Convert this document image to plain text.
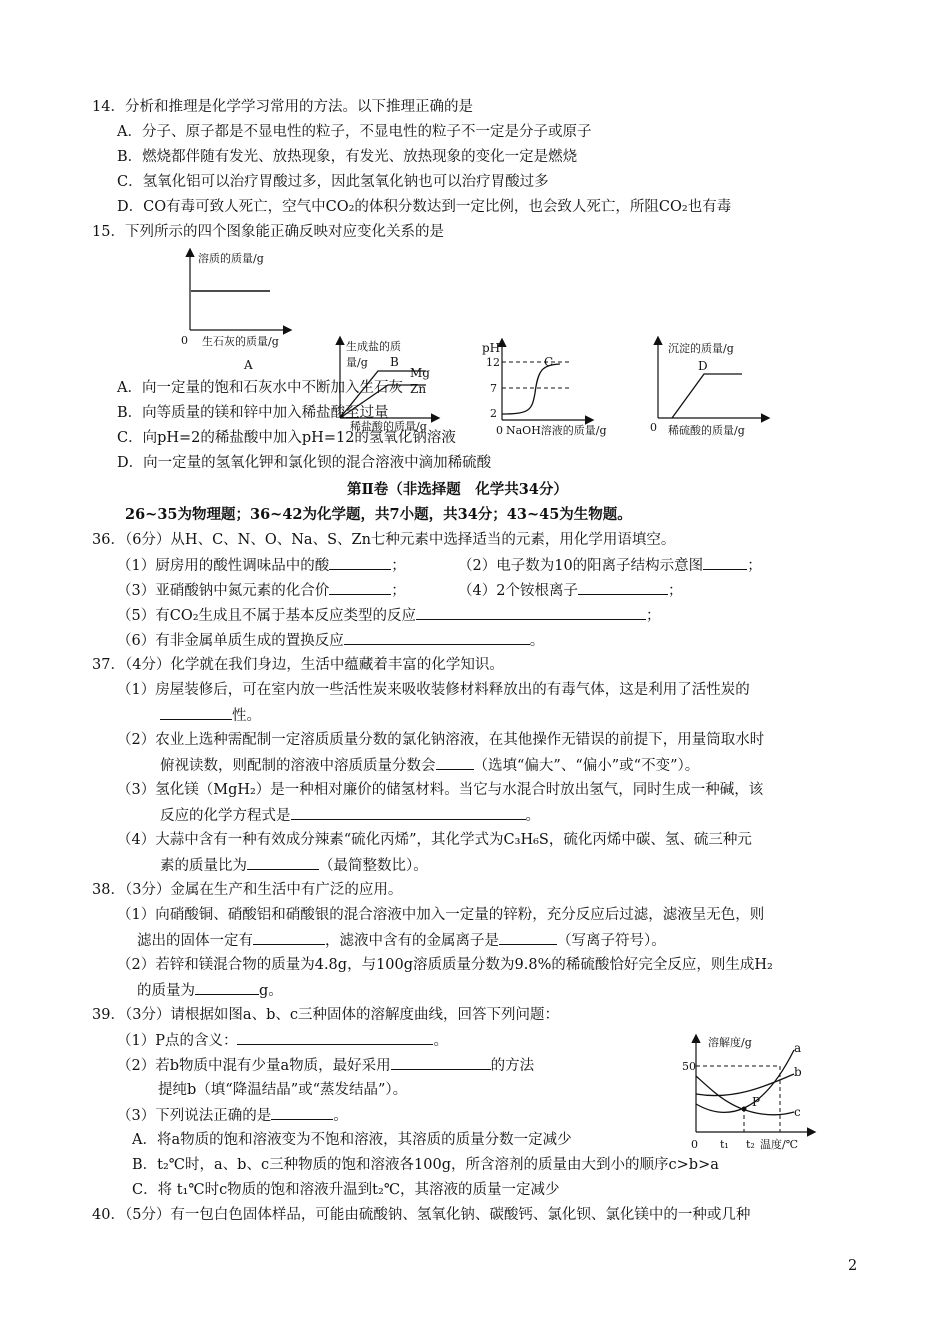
14．分析和推理是化学学习常用的方法。以下推理正确的是
A．分子、原子都是不显电性的粒子，不显电性的粒子不一定是分子或原子
B．燃烧都伴随有发光、放热现象，有发光、放热现象的变化一定是燃烧
C．氢氧化铝可以治疗胃酸过多，因此氢氧化钠也可以治疗胃酸过多
D．CO有毒可致人死亡，空气中CO₂的体积分数达到一定比例，也会致人死亡，所阻CO₂也有毒
15．下列所示的四个图象能正确反映对应变化关系的是
溶质的质量/g
0 生石灰的质量/g
A
生成盐的质
量/g B
Mg
Zn
稀盐酸的质量/g
pH
12
7
2
C
0 NaOH溶液的质量/g
沉淀的质量/g
D
0 稀硫酸的质量/g
A．向一定量的饱和石灰水中不断加入生石灰
B．向等质量的镁和锌中加入稀盐酸至过量
C．向pH=2的稀盐酸中加入pH=12的氢氧化钠溶液
D．向一定量的氢氧化钾和氯化钡的混合溶液中滴加稀硫酸
第Ⅱ卷（非选择题　化学共34分）
26~35为物理题；36~42为化学题，共7小题，共34分；43~45为生物题。
36．（6分）从H、C、N、O、Na、S、Zn七种元素中选择适当的元素，用化学用语填空。
（1）厨房用的酸性调味品中的酸	；	（2）电子数为10的阳离子结构示意图	；
（3）亚硝酸钠中氮元素的化合价	；	（4）2个铵根离子	；
（5）有CO₂生成且不属于基本反应类型的反应	；
（6）有非金属单质生成的置换反应	。
37．（4分）化学就在我们身边，生活中蕴藏着丰富的化学知识。
（1）房屋装修后，可在室内放一些活性炭来吸收装修材料释放出的有毒气体，这是利用了活性炭的
性。
（2）农业上选种需配制一定溶质质量分数的氯化钠溶液，在其他操作无错误的前提下，用量筒取水时
俯视读数，则配制的溶液中溶质质量分数会	（选填“偏大”、“偏小”或“不变”）。
（3）氢化镁（MgH₂）是一种相对廉价的储氢材料。当它与水混合时放出氢气，同时生成一种碱，该
反应的化学方程式是	。
（4）大蒜中含有一种有效成分辣素“硫化丙烯”，其化学式为C₃H₆S，硫化丙烯中碳、氢、硫三种元
素的质量比为	（最简整数比）。
38．（3分）金属在生产和生活中有广泛的应用。
（1）向硝酸铜、硝酸铝和硝酸银的混合溶液中加入一定量的锌粉，充分反应后过滤，滤液呈无色，则
滤出的固体一定有	，滤液中含有的金属离子是	（写离子符号）。
（2）若锌和镁混合物的质量为4.8g，与100g溶质质量分数为9.8%的稀硫酸恰好完全反应，则生成H₂
的质量为	g。
39．（3分）请根据如图a、b、c三种固体的溶解度曲线，回答下列问题：
（1）P点的含义：	。
（2）若b物质中混有少量a物质，最好采用	的方法
提纯b（填“降温结晶”或“蒸发结晶”）。
（3）下列说法正确的是	。
A．将a物质的饱和溶液变为不饱和溶液，其溶质的质量分数一定减少
B．t₂℃时，a、b、c三种物质的饱和溶液各100g，所含溶剂的质量由大到小的顺序c>b>a
C．将 t₁℃时c物质的饱和溶液升温到t₂℃，其溶液的质量一定减少
溶解度/g
50
a
b
c
P
0 t₁ t₂ 温度/℃
40．（5分）有一包白色固体样品，可能由硫酸钠、氢氧化钠、碳酸钙、氯化钡、氯化镁中的一种或几种
2
